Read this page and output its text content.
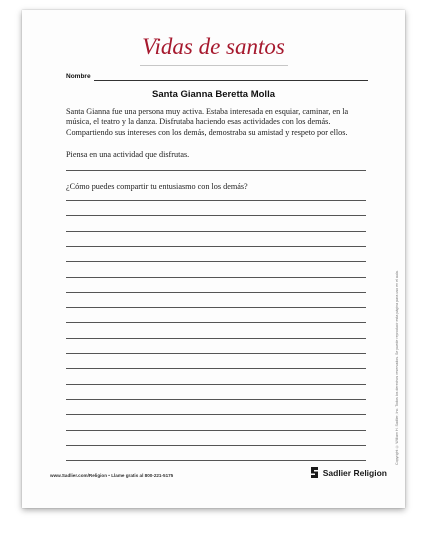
Vidas de santos
Nombre
Santa Gianna Beretta Molla
Santa Gianna fue una persona muy activa. Estaba interesada en esquiar, caminar, en la música, el teatro y la danza. Disfrutaba haciendo esas actividades con los demás. Compartiendo sus intereses con los demás, demostraba su amistad y respeto por ellos.
Piensa en una actividad que disfrutas.
¿Cómo puedes compartir tu entusiasmo con los demás?
www.Sadlier.com/Religion • Llame gratis al 800-221-5175	Sadlier Religion
Copyright © William H. Sadlier, Inc. Todos los derechos reservados. Se puede reproducir esta página para uso en el aula.
